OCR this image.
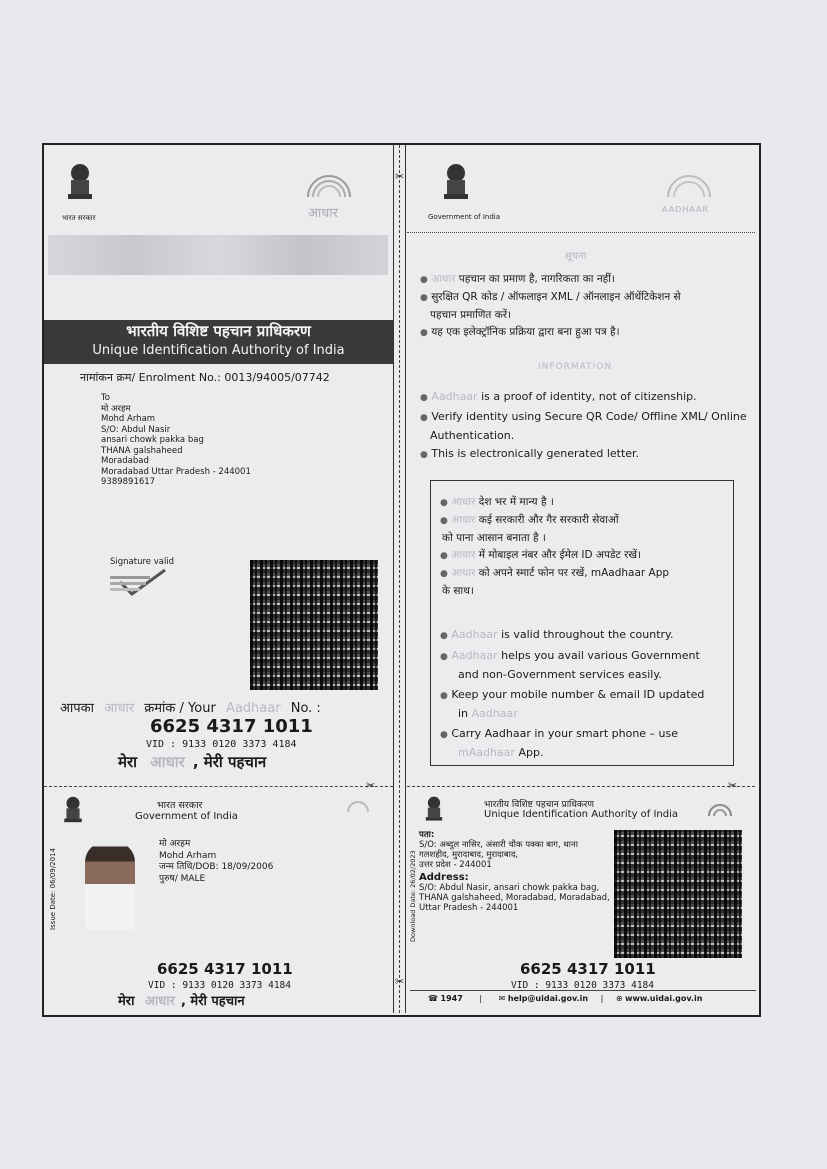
✂
✂
✂	✂
भारत सरकार	आधार
भारतीय विशिष्ट पहचान प्राधिकरण
Unique Identification Authority of India
नामांकन क्रम/ Enrolment No.: 0013/94005/07742
To
मो अरहम
Mohd Arham
S/O: Abdul Nasir
ansari chowk pakka bag
THANA galshaheed
Moradabad
Moradabad Uttar Pradesh - 244001
9389891617
Signature valid
आपका आधार क्रमांक / Your Aadhaar No. :
6625 4317 1011
VID : 9133 0120 3373 4184
मेरा आधार , मेरी पहचान
Government of India
AADHAAR
सूचना
● आधार पहचान का प्रमाण है, नागरिकता का नहीं।
● सुरक्षित QR कोड / ऑफलाइन XML / ऑनलाइन ऑथेंटिकेशन से
पहचान प्रमाणित करें।
● यह एक इलेक्ट्रॉनिक प्रक्रिया द्वारा बना हुआ पत्र है।
INFORMATION
● Aadhaar is a proof of identity, not of citizenship.
● Verify identity using Secure QR Code/ Offline XML/ Online
Authentication.
● This is electronically generated letter.
● आधार देश भर में मान्य है ।
● आधार कई सरकारी और गैर सरकारी सेवाओं
को पाना आसान बनाता है ।
● आधार में मोबाइल नंबर और ईमेल ID अपडेट रखें।
● आधार को अपने स्मार्ट फोन पर रखें, mAadhaar App
के साथ।
● Aadhaar is valid throughout the country.
● Aadhaar helps you avail various Government
and non-Government services easily.
● Keep your mobile number & email ID updated
in Aadhaar
● Carry Aadhaar in your smart phone – use
mAadhaar App.
भारत सरकार
Government of India
Issue Date: 06/09/2014
मो अरहम
Mohd Arham
जन्म तिथि/DOB: 18/09/2006
पुरुष/ MALE
6625 4317 1011
VID : 9133 0120 3373 4184
मेरा आधार , मेरी पहचान
भारतीय विशिष्ट पहचान प्राधिकरण
Unique Identification Authority of India
पता:
S/O: अब्दुल नासिर, अंसारी चौक पक्का बाग, थाना
गलशहीद, मुरादाबाद, मुरादाबाद,
उत्तर प्रदेश - 244001
Address:
S/O: Abdul Nasir, ansari chowk pakka bag,
THANA galshaheed, Moradabad, Moradabad,
Uttar Pradesh - 244001
Download Date: 26/02/2023
6625 4317 1011
VID : 9133 0120 3373 4184
☎ 1947 | ✉ help@uidai.gov.in | ⊕ www.uidai.gov.in
